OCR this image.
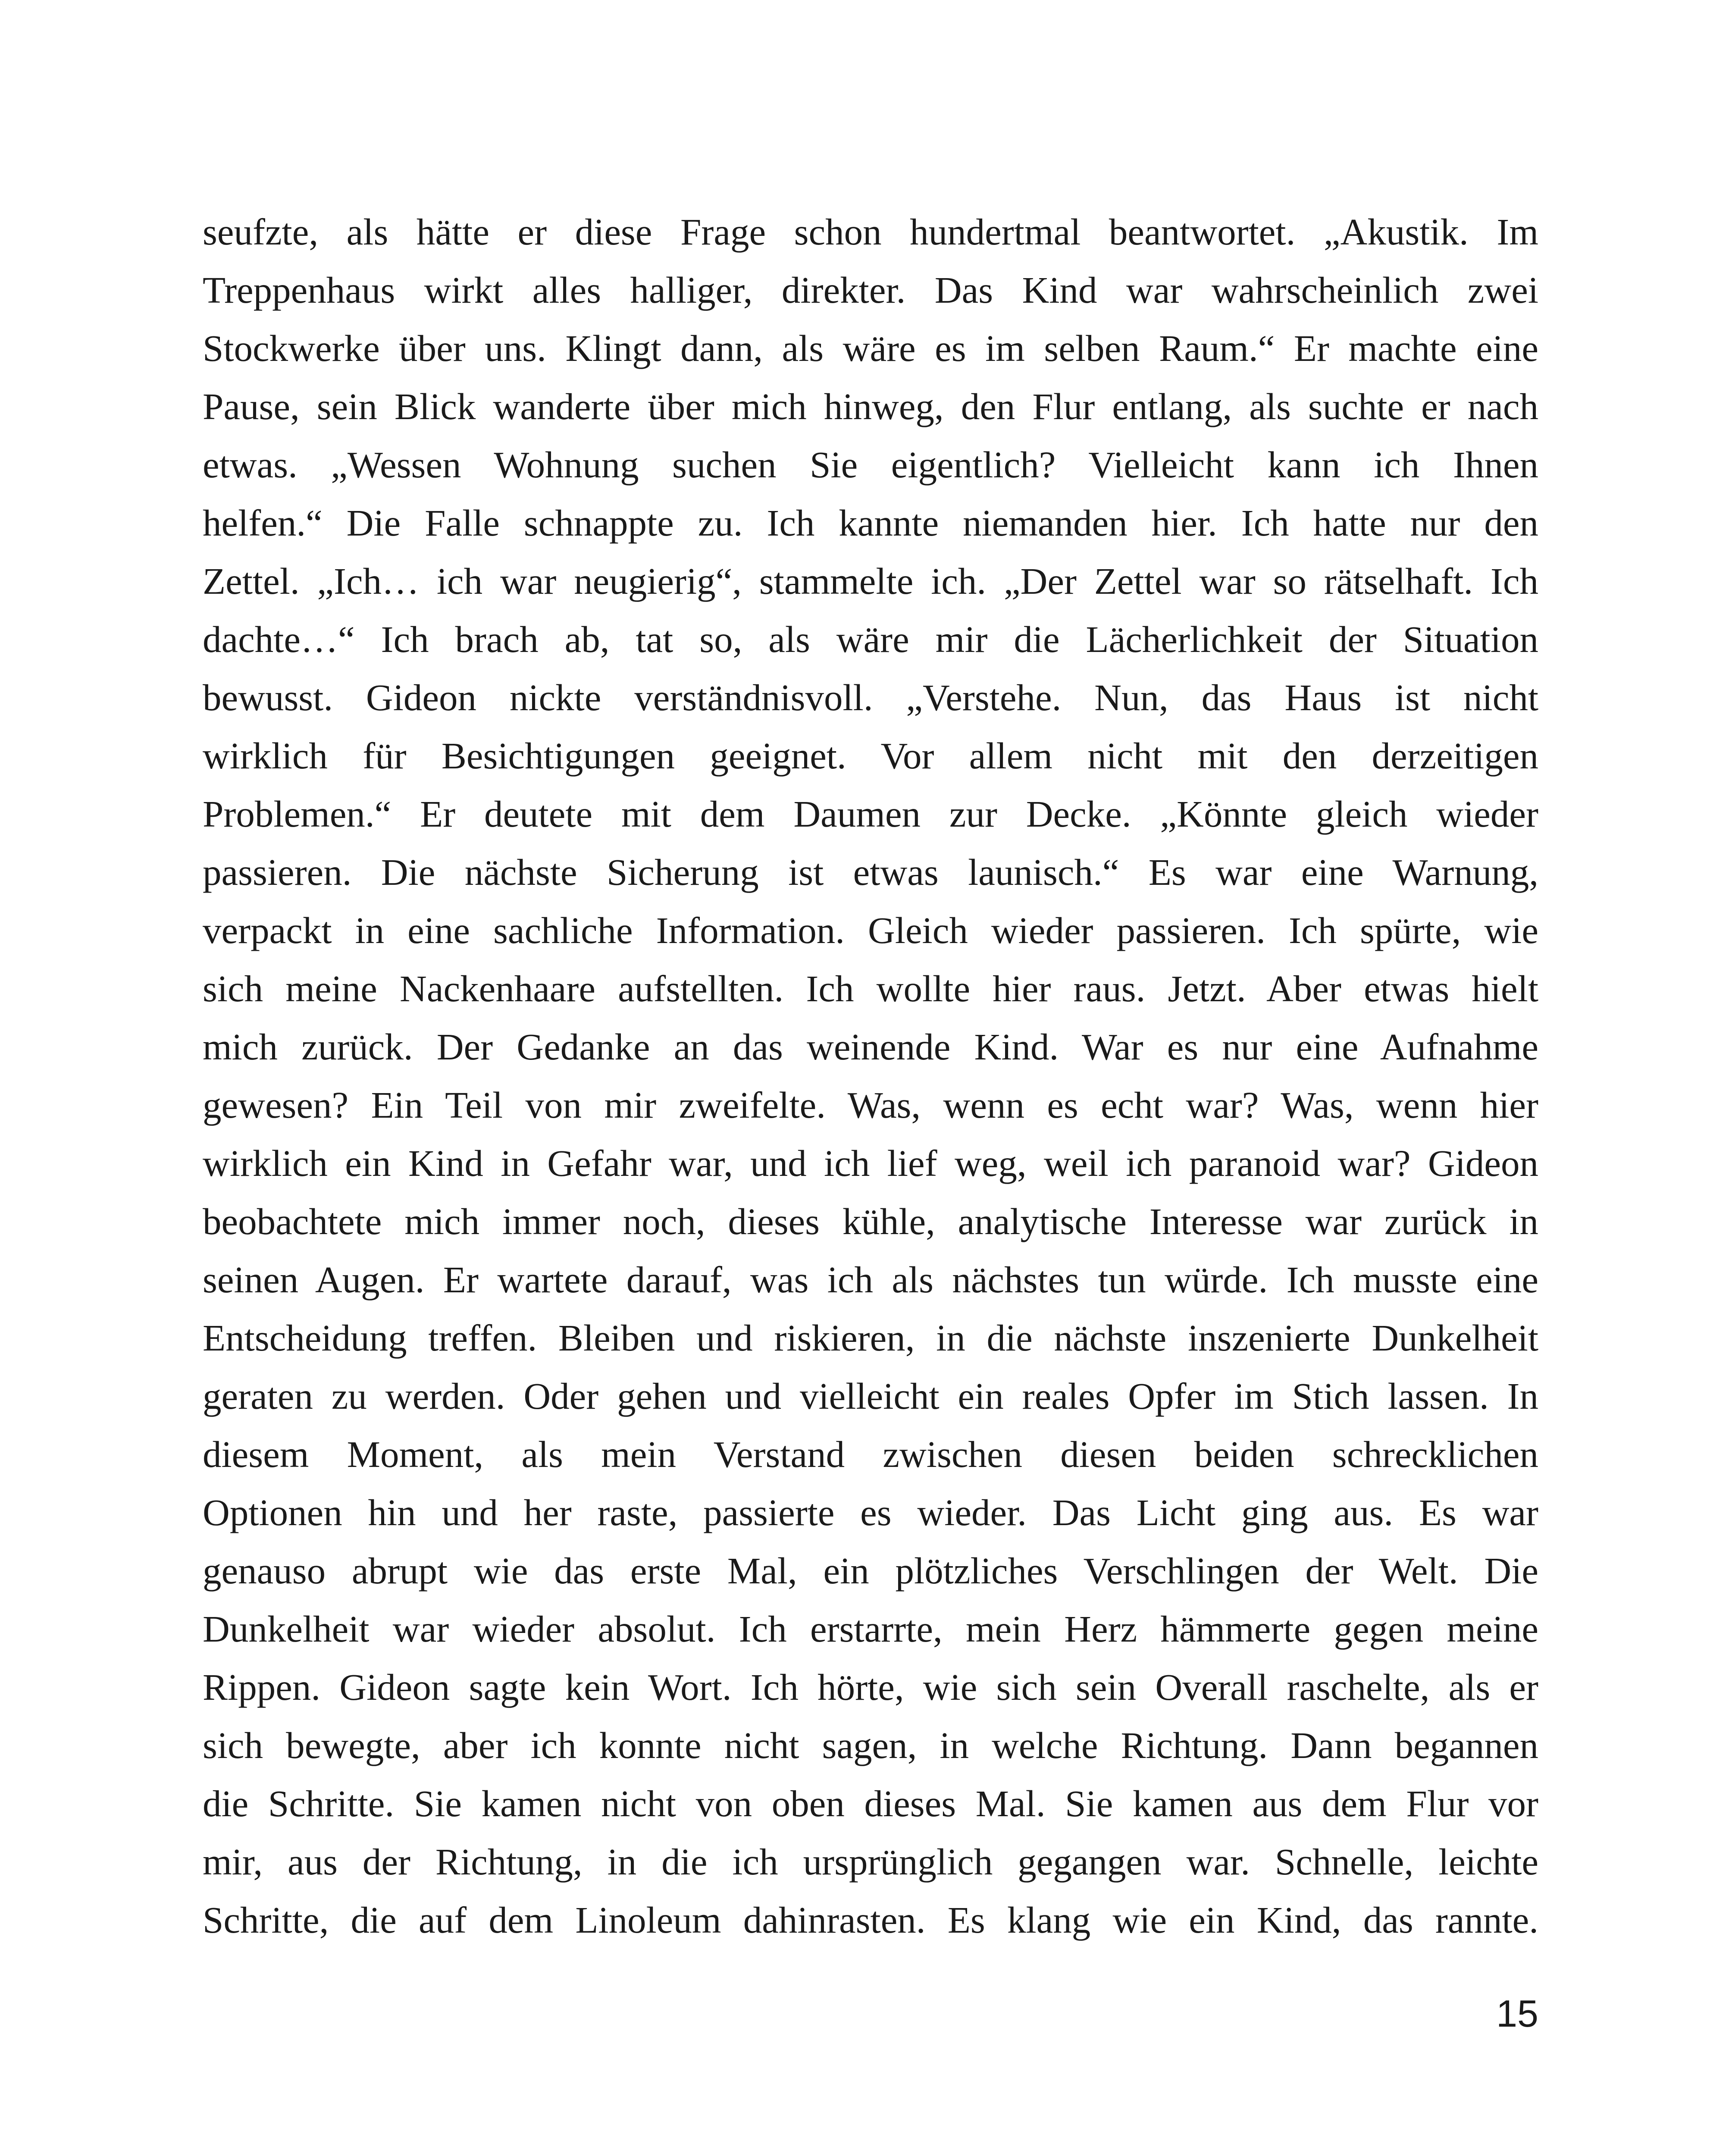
seufzte, als hätte er diese Frage schon hundertmal beantwortet. „Akustik. Im
Treppenhaus wirkt alles halliger, direkter. Das Kind war wahrscheinlich zwei
Stockwerke über uns. Klingt dann, als wäre es im selben Raum.“ Er machte eine
Pause, sein Blick wanderte über mich hinweg, den Flur entlang, als suchte er nach
etwas. „Wessen Wohnung suchen Sie eigentlich? Vielleicht kann ich Ihnen
helfen.“ Die Falle schnappte zu. Ich kannte niemanden hier. Ich hatte nur den
Zettel. „Ich… ich war neugierig“, stammelte ich. „Der Zettel war so rätselhaft. Ich
dachte…“ Ich brach ab, tat so, als wäre mir die Lächerlichkeit der Situation
bewusst. Gideon nickte verständnisvoll. „Verstehe. Nun, das Haus ist nicht
wirklich für Besichtigungen geeignet. Vor allem nicht mit den derzeitigen
Problemen.“ Er deutete mit dem Daumen zur Decke. „Könnte gleich wieder
passieren. Die nächste Sicherung ist etwas launisch.“ Es war eine Warnung,
verpackt in eine sachliche Information. Gleich wieder passieren. Ich spürte, wie
sich meine Nackenhaare aufstellten. Ich wollte hier raus. Jetzt. Aber etwas hielt
mich zurück. Der Gedanke an das weinende Kind. War es nur eine Aufnahme
gewesen? Ein Teil von mir zweifelte. Was, wenn es echt war? Was, wenn hier
wirklich ein Kind in Gefahr war, und ich lief weg, weil ich paranoid war? Gideon
beobachtete mich immer noch, dieses kühle, analytische Interesse war zurück in
seinen Augen. Er wartete darauf, was ich als nächstes tun würde. Ich musste eine
Entscheidung treffen. Bleiben und riskieren, in die nächste inszenierte Dunkelheit
geraten zu werden. Oder gehen und vielleicht ein reales Opfer im Stich lassen. In
diesem Moment, als mein Verstand zwischen diesen beiden schrecklichen
Optionen hin und her raste, passierte es wieder. Das Licht ging aus. Es war
genauso abrupt wie das erste Mal, ein plötzliches Verschlingen der Welt. Die
Dunkelheit war wieder absolut. Ich erstarrte, mein Herz hämmerte gegen meine
Rippen. Gideon sagte kein Wort. Ich hörte, wie sich sein Overall raschelte, als er
sich bewegte, aber ich konnte nicht sagen, in welche Richtung. Dann begannen
die Schritte. Sie kamen nicht von oben dieses Mal. Sie kamen aus dem Flur vor
mir, aus der Richtung, in die ich ursprünglich gegangen war. Schnelle, leichte
Schritte, die auf dem Linoleum dahinrasten. Es klang wie ein Kind, das rannte.

15
